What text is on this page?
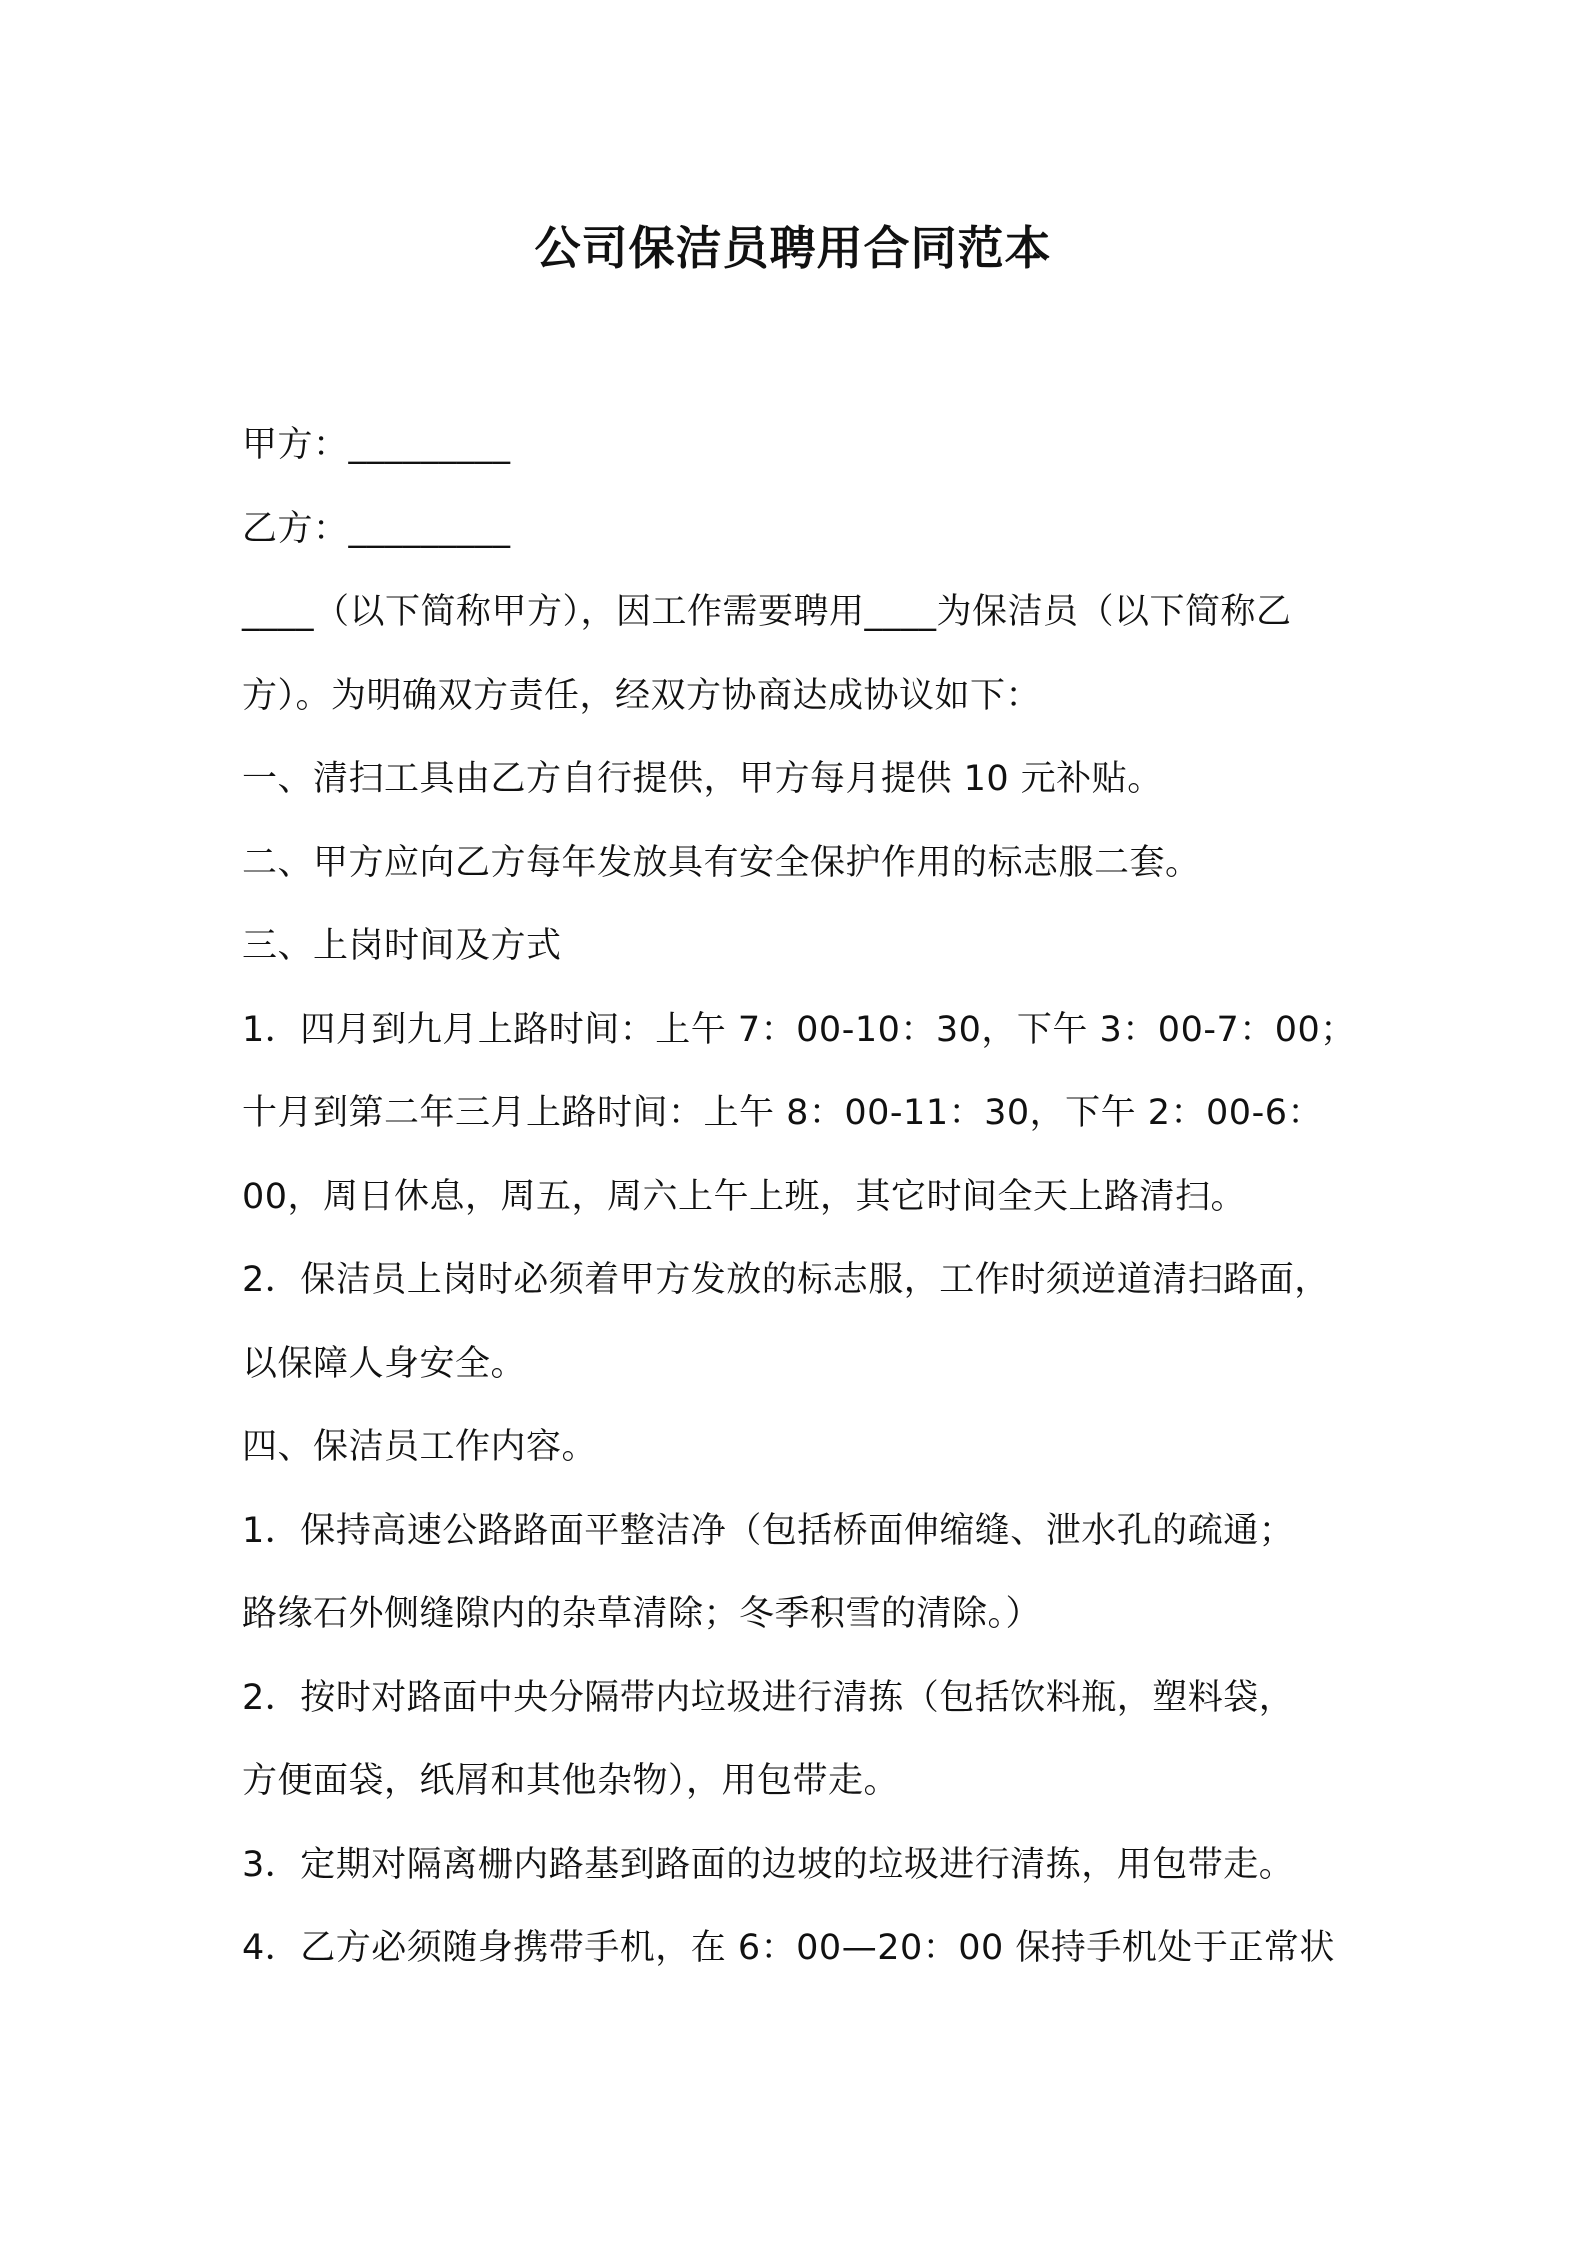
公司保洁员聘用合同范本
甲方：_________
乙方：_________
____（以下简称甲方），因工作需要聘用____为保洁员（以下简称乙
方）。为明确双方责任，经双方协商达成协议如下：
一、清扫工具由乙方自行提供，甲方每月提供 10 元补贴。
二、甲方应向乙方每年发放具有安全保护作用的标志服二套。
三、上岗时间及方式
1．四月到九月上路时间：上午 7：00-10：30，下午 3：00-7：00；
十月到第二年三月上路时间：上午 8：00-11：30，下午 2：00-6：
00，周日休息，周五，周六上午上班，其它时间全天上路清扫。
2．保洁员上岗时必须着甲方发放的标志服，工作时须逆道清扫路面，
以保障人身安全。
四、保洁员工作内容。
1．保持高速公路路面平整洁净（包括桥面伸缩缝、泄水孔的疏通；
路缘石外侧缝隙内的杂草清除；冬季积雪的清除。）
2．按时对路面中央分隔带内垃圾进行清拣（包括饮料瓶，塑料袋，
方便面袋，纸屑和其他杂物），用包带走。
3．定期对隔离栅内路基到路面的边坡的垃圾进行清拣，用包带走。
4．乙方必须随身携带手机，在 6：00—20：00 保持手机处于正常状
